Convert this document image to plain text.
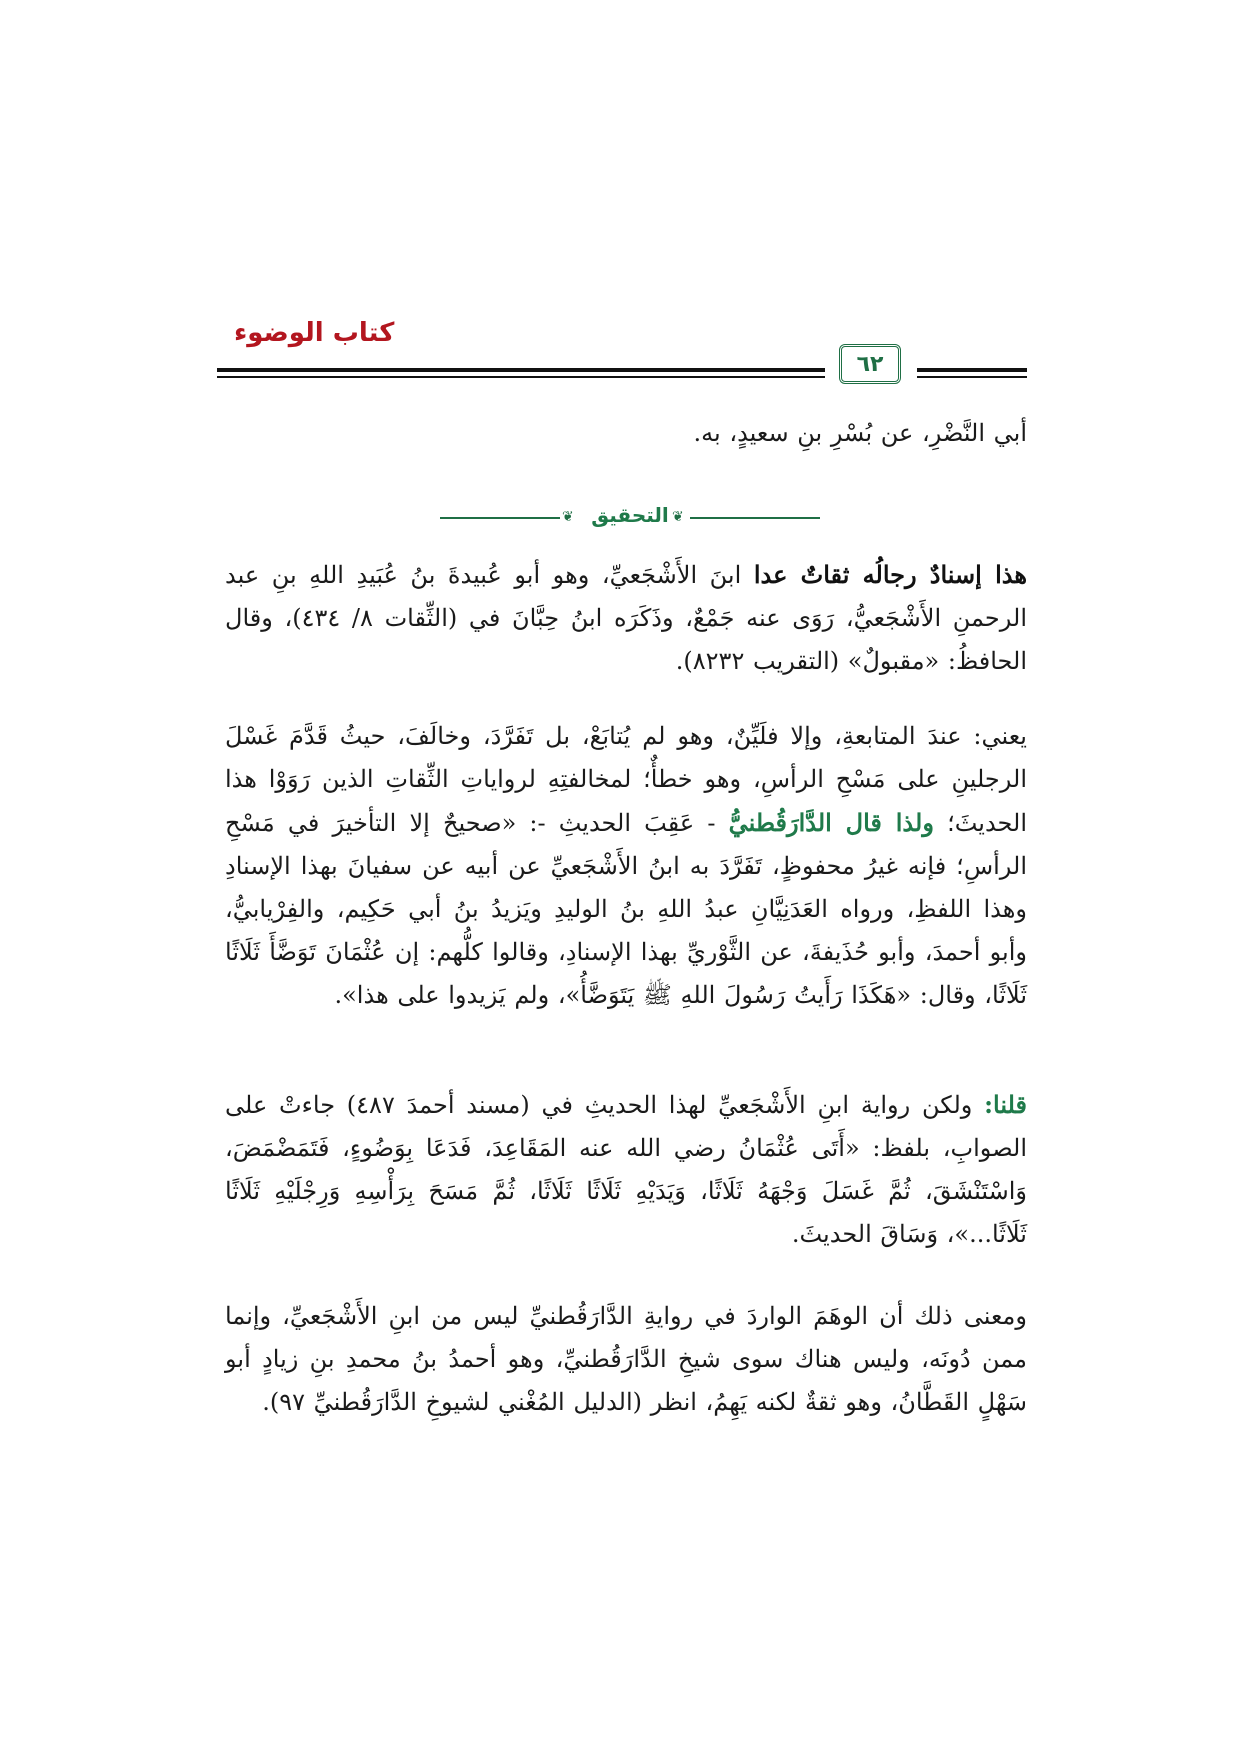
كتاب الوضوء
٦٢
أبي النَّضْرِ، عن بُسْرِ بنِ سعيدٍ، به.
❦	❦
التحقيق
هذا إسنادٌ رجالُه ثقاتٌ عدا ابنَ الأَشْجَعيِّ، وهو أبو عُبيدةَ بنُ عُبَيدِ اللهِ بنِ عبد الرحمنِ الأَشْجَعيُّ، رَوَى عنه جَمْعٌ، وذَكَرَه ابنُ حِبَّانَ في (الثِّقات ٨/ ٤٣٤)، وقال الحافظُ: «مقبولٌ» (التقريب ٨٢٣٢).
يعني: عندَ المتابعةِ، وإلا فلَيِّنٌ، وهو لم يُتابَعْ، بل تَفَرَّدَ، وخالَفَ، حيثُ قَدَّمَ غَسْلَ الرجلينِ على مَسْحِ الرأسِ، وهو خطأٌ؛ لمخالفتِهِ لرواياتِ الثِّقاتِ الذين رَوَوْا هذا الحديثَ؛ ولذا قال الدَّارَقُطنيُّ - عَقِبَ الحديثِ -: «صحيحٌ إلا التأخيرَ في مَسْحِ الرأسِ؛ فإنه غيرُ محفوظٍ، تَفَرَّدَ به ابنُ الأَشْجَعيِّ عن أبيه عن سفيانَ بهذا الإسنادِ وهذا اللفظِ، ورواه العَدَنِيَّانِ عبدُ اللهِ بنُ الوليدِ ويَزيدُ بنُ أبي حَكِيم، والفِرْيابيُّ، وأبو أحمدَ، وأبو حُذَيفةَ، عن الثَّوْريِّ بهذا الإسنادِ، وقالوا كلُّهم: إن عُثْمَانَ تَوَضَّأَ ثَلَاثًا ثَلَاثًا، وقال: «هَكَذَا رَأَيتُ رَسُولَ اللهِ ﷺ يَتَوَضَّأُ»، ولم يَزيدوا على هذا».
قلنا: ولكن رواية ابنِ الأَشْجَعيِّ لهذا الحديثِ في (مسند أحمدَ ٤٨٧) جاءتْ على الصوابِ، بلفظ: «أَتَى عُثْمَانُ رضي الله عنه المَقَاعِدَ، فَدَعَا بِوَضُوءٍ، فَتَمَضْمَضَ، وَاسْتَنْشَقَ، ثُمَّ غَسَلَ وَجْهَهُ ثَلَاثًا، وَيَدَيْهِ ثَلَاثًا ثَلَاثًا، ثُمَّ مَسَحَ بِرَأْسِهِ وَرِجْلَيْهِ ثَلَاثًا ثَلَاثًا...»، وَسَاقَ الحديثَ.
ومعنى ذلك أن الوهَمَ الواردَ في روايةِ الدَّارَقُطنيِّ ليس من ابنِ الأَشْجَعيِّ، وإنما ممن دُونَه، وليس هناك سوى شيخِ الدَّارَقُطنيِّ، وهو أحمدُ بنُ محمدِ بنِ زيادٍ أبو سَهْلٍ القَطَّانُ، وهو ثقةٌ لكنه يَهِمُ، انظر (الدليل المُغْني لشيوخِ الدَّارَقُطنيِّ ٩٧).
